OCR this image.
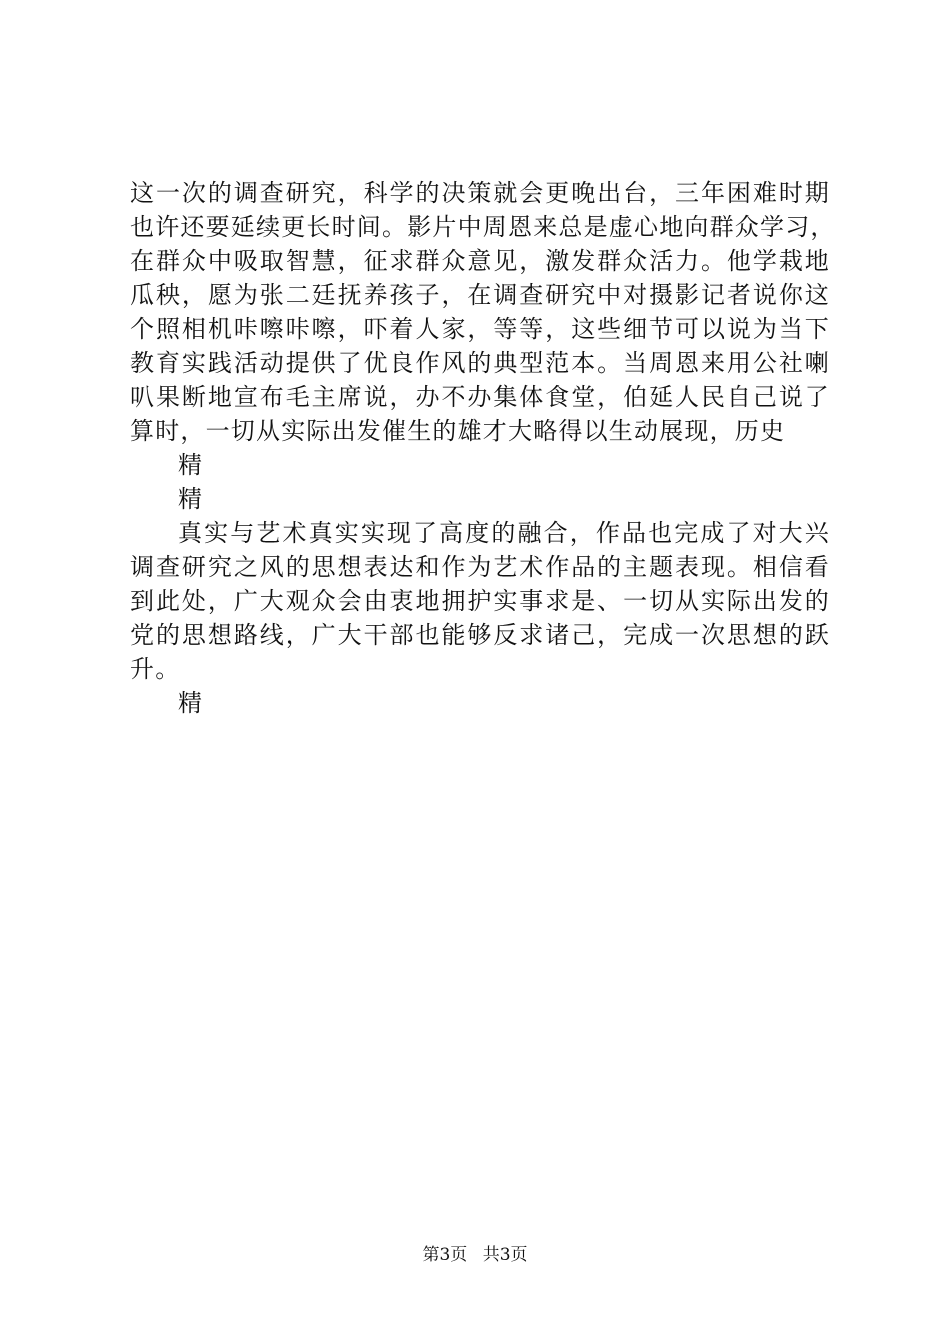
这一次的调查研究，科学的决策就会更晚出台，三年困难时期
也许还要延续更长时间。影片中周恩来总是虚心地向群众学习，
在群众中吸取智慧，征求群众意见，激发群众活力。他学栽地
瓜秧，愿为张二廷抚养孩子，在调查研究中对摄影记者说你这
个照相机咔嚓咔嚓，吓着人家，等等，这些细节可以说为当下
教育实践活动提供了优良作风的典型范本。当周恩来用公社喇
叭果断地宣布毛主席说，办不办集体食堂，伯延人民自己说了
算时，一切从实际出发催生的雄才大略得以生动展现，历史
精
精
真实与艺术真实实现了高度的融合，作品也完成了对大兴
调查研究之风的思想表达和作为艺术作品的主题表现。相信看
到此处，广大观众会由衷地拥护实事求是、一切从实际出发的
党的思想路线，广大干部也能够反求诸己，完成一次思想的跃
升。
精
第3页 共3页
